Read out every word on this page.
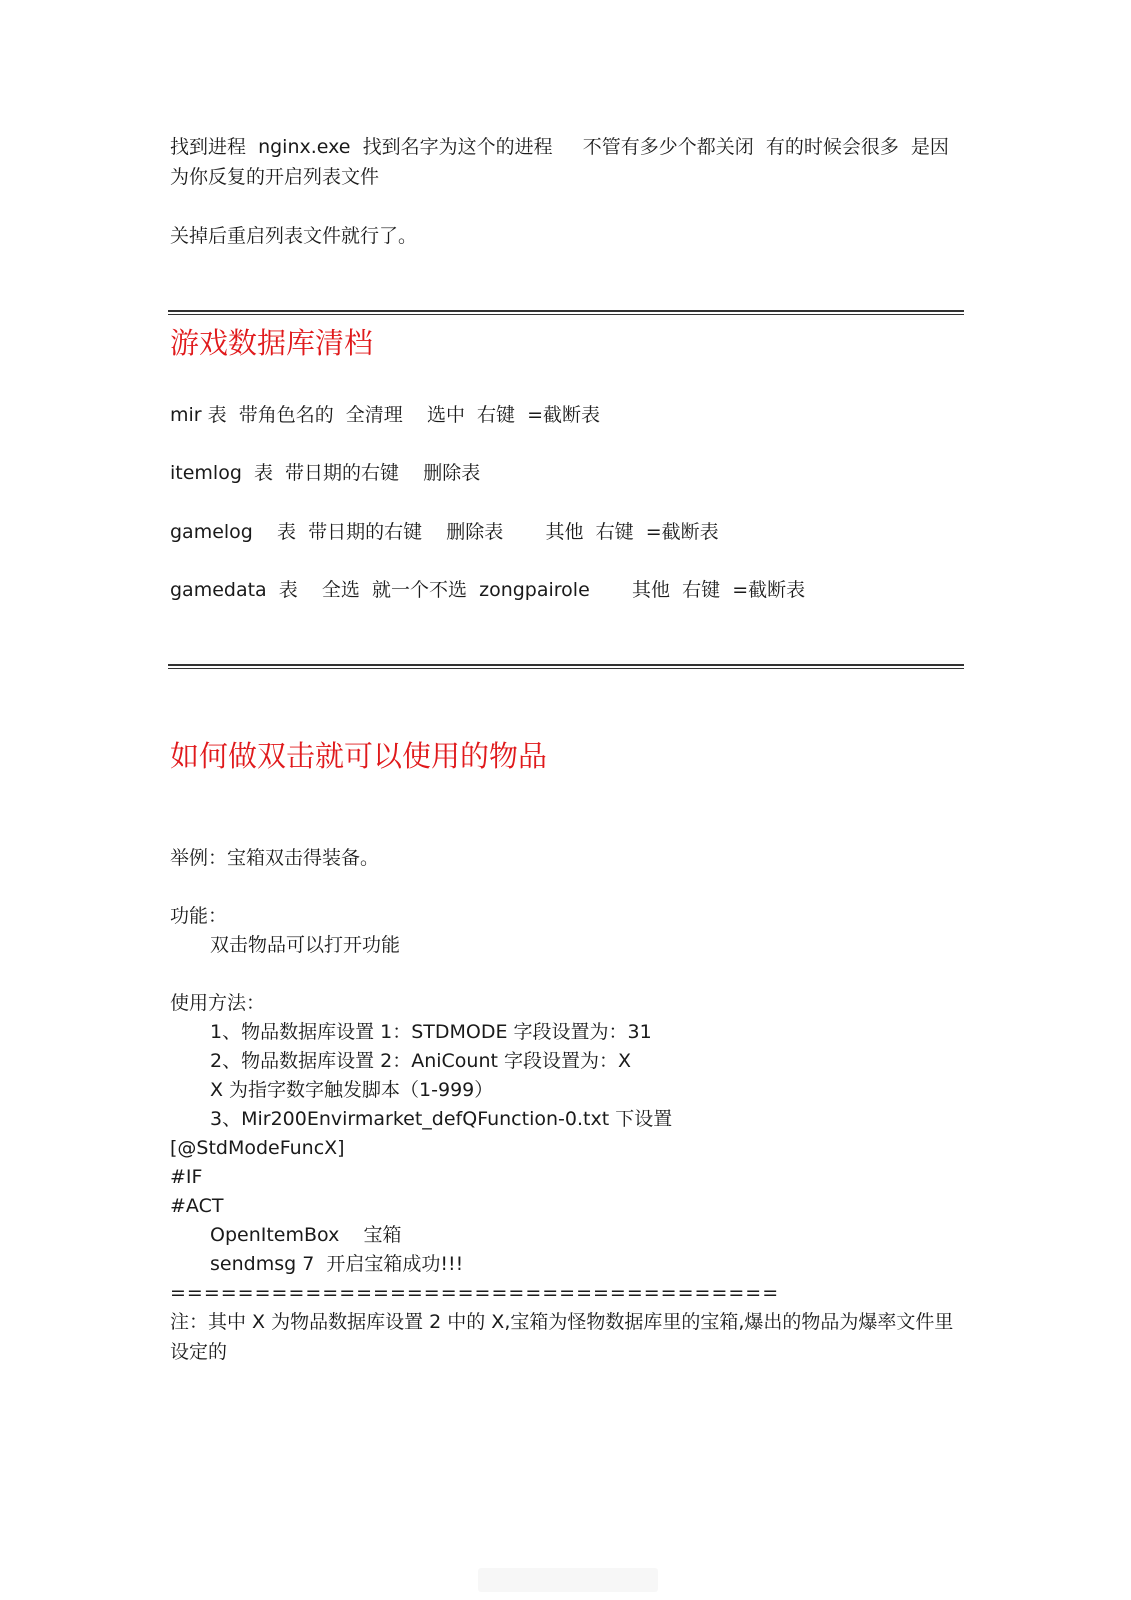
找到进程  nginx.exe  找到名字为这个的进程     不管有多少个都关闭  有的时候会很多  是因
为你反复的开启列表文件
关掉后重启列表文件就行了。
游戏数据库清档
mir 表  带角色名的  全清理    选中  右键  =截断表
itemlog  表  带日期的右键    删除表
gamelog    表  带日期的右键    删除表       其他  右键  =截断表
gamedata  表    全选  就一个不选  zongpairole       其他  右键  =截断表
如何做双击就可以使用的物品
举例：宝箱双击得装备。
功能：
双击物品可以打开功能
使用方法：
1、物品数据库设置 1：STDMODE 字段设置为：31
2、物品数据库设置 2：AniCount 字段设置为：X
X 为指字数字触发脚本（1-999）
3、Mir200Envirmarket_defQFunction-0.txt 下设置
[@StdModeFuncX]
#IF
#ACT
OpenItemBox    宝箱
sendmsg 7  开启宝箱成功!!!
====================================
注：其中 X 为物品数据库设置 2 中的 X,宝箱为怪物数据库里的宝箱,爆出的物品为爆率文件里设定的
